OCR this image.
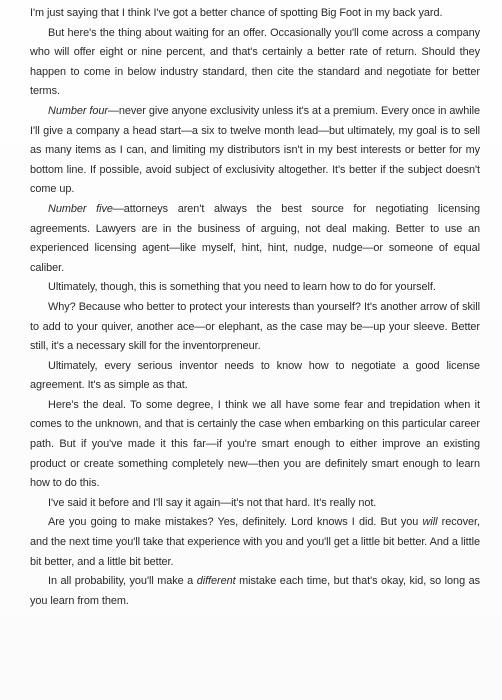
I'm just saying that I think I've got a better chance of spotting Big Foot in my back yard.

But here's the thing about waiting for an offer. Occasionally you'll come across a company who will offer eight or nine percent, and that's certainly a better rate of return. Should they happen to come in below industry standard, then cite the standard and negotiate for better terms.

Number four—never give anyone exclusivity unless it's at a premium. Every once in awhile I'll give a company a head start—a six to twelve month lead—but ultimately, my goal is to sell as many items as I can, and limiting my distributors isn't in my best interests or better for my bottom line. If possible, avoid subject of exclusivity altogether. It's better if the subject doesn't come up.

Number five—attorneys aren't always the best source for negotiating licensing agreements. Lawyers are in the business of arguing, not deal making. Better to use an experienced licensing agent—like myself, hint, hint, nudge, nudge—or someone of equal caliber.

Ultimately, though, this is something that you need to learn how to do for yourself.

Why? Because who better to protect your interests than yourself? It's another arrow of skill to add to your quiver, another ace—or elephant, as the case may be—up your sleeve. Better still, it's a necessary skill for the inventorpreneur.

Ultimately, every serious inventor needs to know how to negotiate a good license agreement. It's as simple as that.

Here's the deal. To some degree, I think we all have some fear and trepidation when it comes to the unknown, and that is certainly the case when embarking on this particular career path. But if you've made it this far—if you're smart enough to either improve an existing product or create something completely new—then you are definitely smart enough to learn how to do this.

I've said it before and I'll say it again—it's not that hard. It's really not.

Are you going to make mistakes? Yes, definitely. Lord knows I did. But you will recover, and the next time you'll take that experience with you and you'll get a little bit better. And a little bit better, and a little bit better.

In all probability, you'll make a different mistake each time, but that's okay, kid, so long as you learn from them.
